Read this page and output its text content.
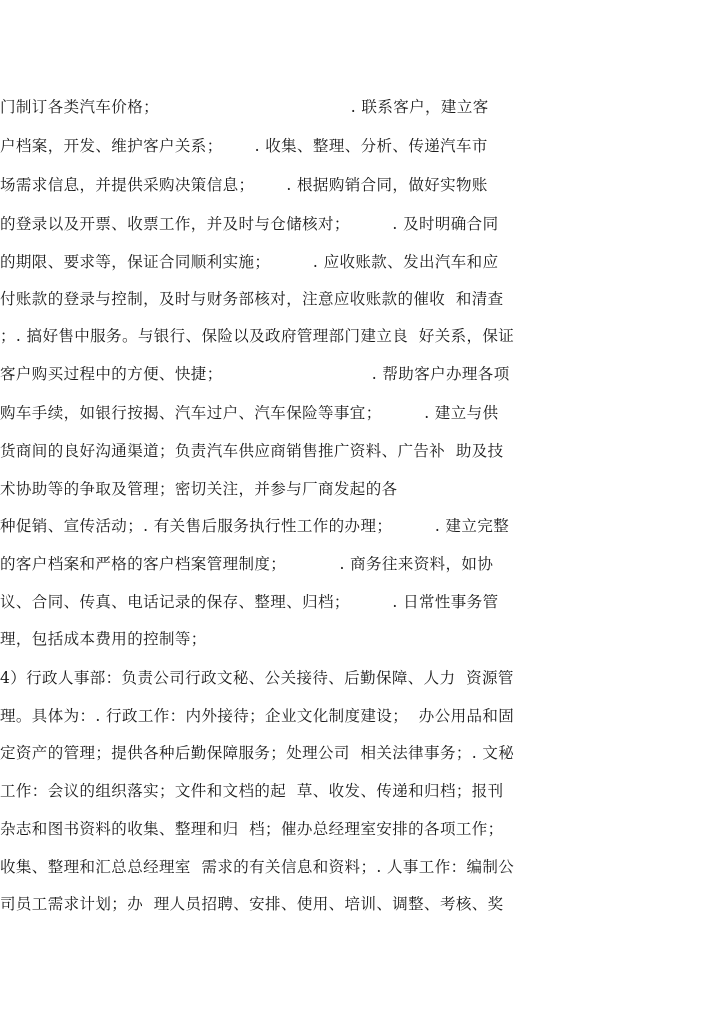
门制订各类汽车价格；                                    . 联系客户，建立客
户档案，开发、维护客户关系；      . 收集、整理、分析、传递汽车市
场需求信息，并提供采购决策信息；      . 根据购销合同，做好实物账
的登录以及开票、收票工作，并及时与仓储核对；        . 及时明确合同
的期限、要求等，保证合同顺利实施；        . 应收账款、发出汽车和应
付账款的登录与控制，及时与财务部核对，注意应收账款的催收  和清查
；. 搞好售中服务。与银行、保险以及政府管理部门建立良  好关系，保证
客户购买过程中的方便、快捷；                            . 帮助客户办理各项
购车手续，如银行按揭、汽车过户、汽车保险等事宜；        . 建立与供
货商间的良好沟通渠道；负责汽车供应商销售推广资料、广告补  助及技
术协助等的争取及管理；密切关注，并参与厂商发起的各
种促销、宣传活动；. 有关售后服务执行性工作的办理；        . 建立完整
的客户档案和严格的客户档案管理制度；          . 商务往来资料，如协
议、合同、传真、电话记录的保存、整理、归档；        . 日常性事务管
理，包括成本费用的控制等；
4）行政人事部：负责公司行政文秘、公关接待、后勤保障、人力  资源管
理。具体为：. 行政工作：内外接待；企业文化制度建设；  办公用品和固
定资产的管理；提供各种后勤保障服务；处理公司  相关法律事务；. 文秘
工作：会议的组织落实；文件和文档的起  草、收发、传递和归档；报刊
杂志和图书资料的收集、整理和归  档；催办总经理室安排的各项工作；
收集、整理和汇总总经理室  需求的有关信息和资料；. 人事工作：编制公
司员工需求计划；办  理人员招聘、安排、使用、培训、调整、考核、奖
